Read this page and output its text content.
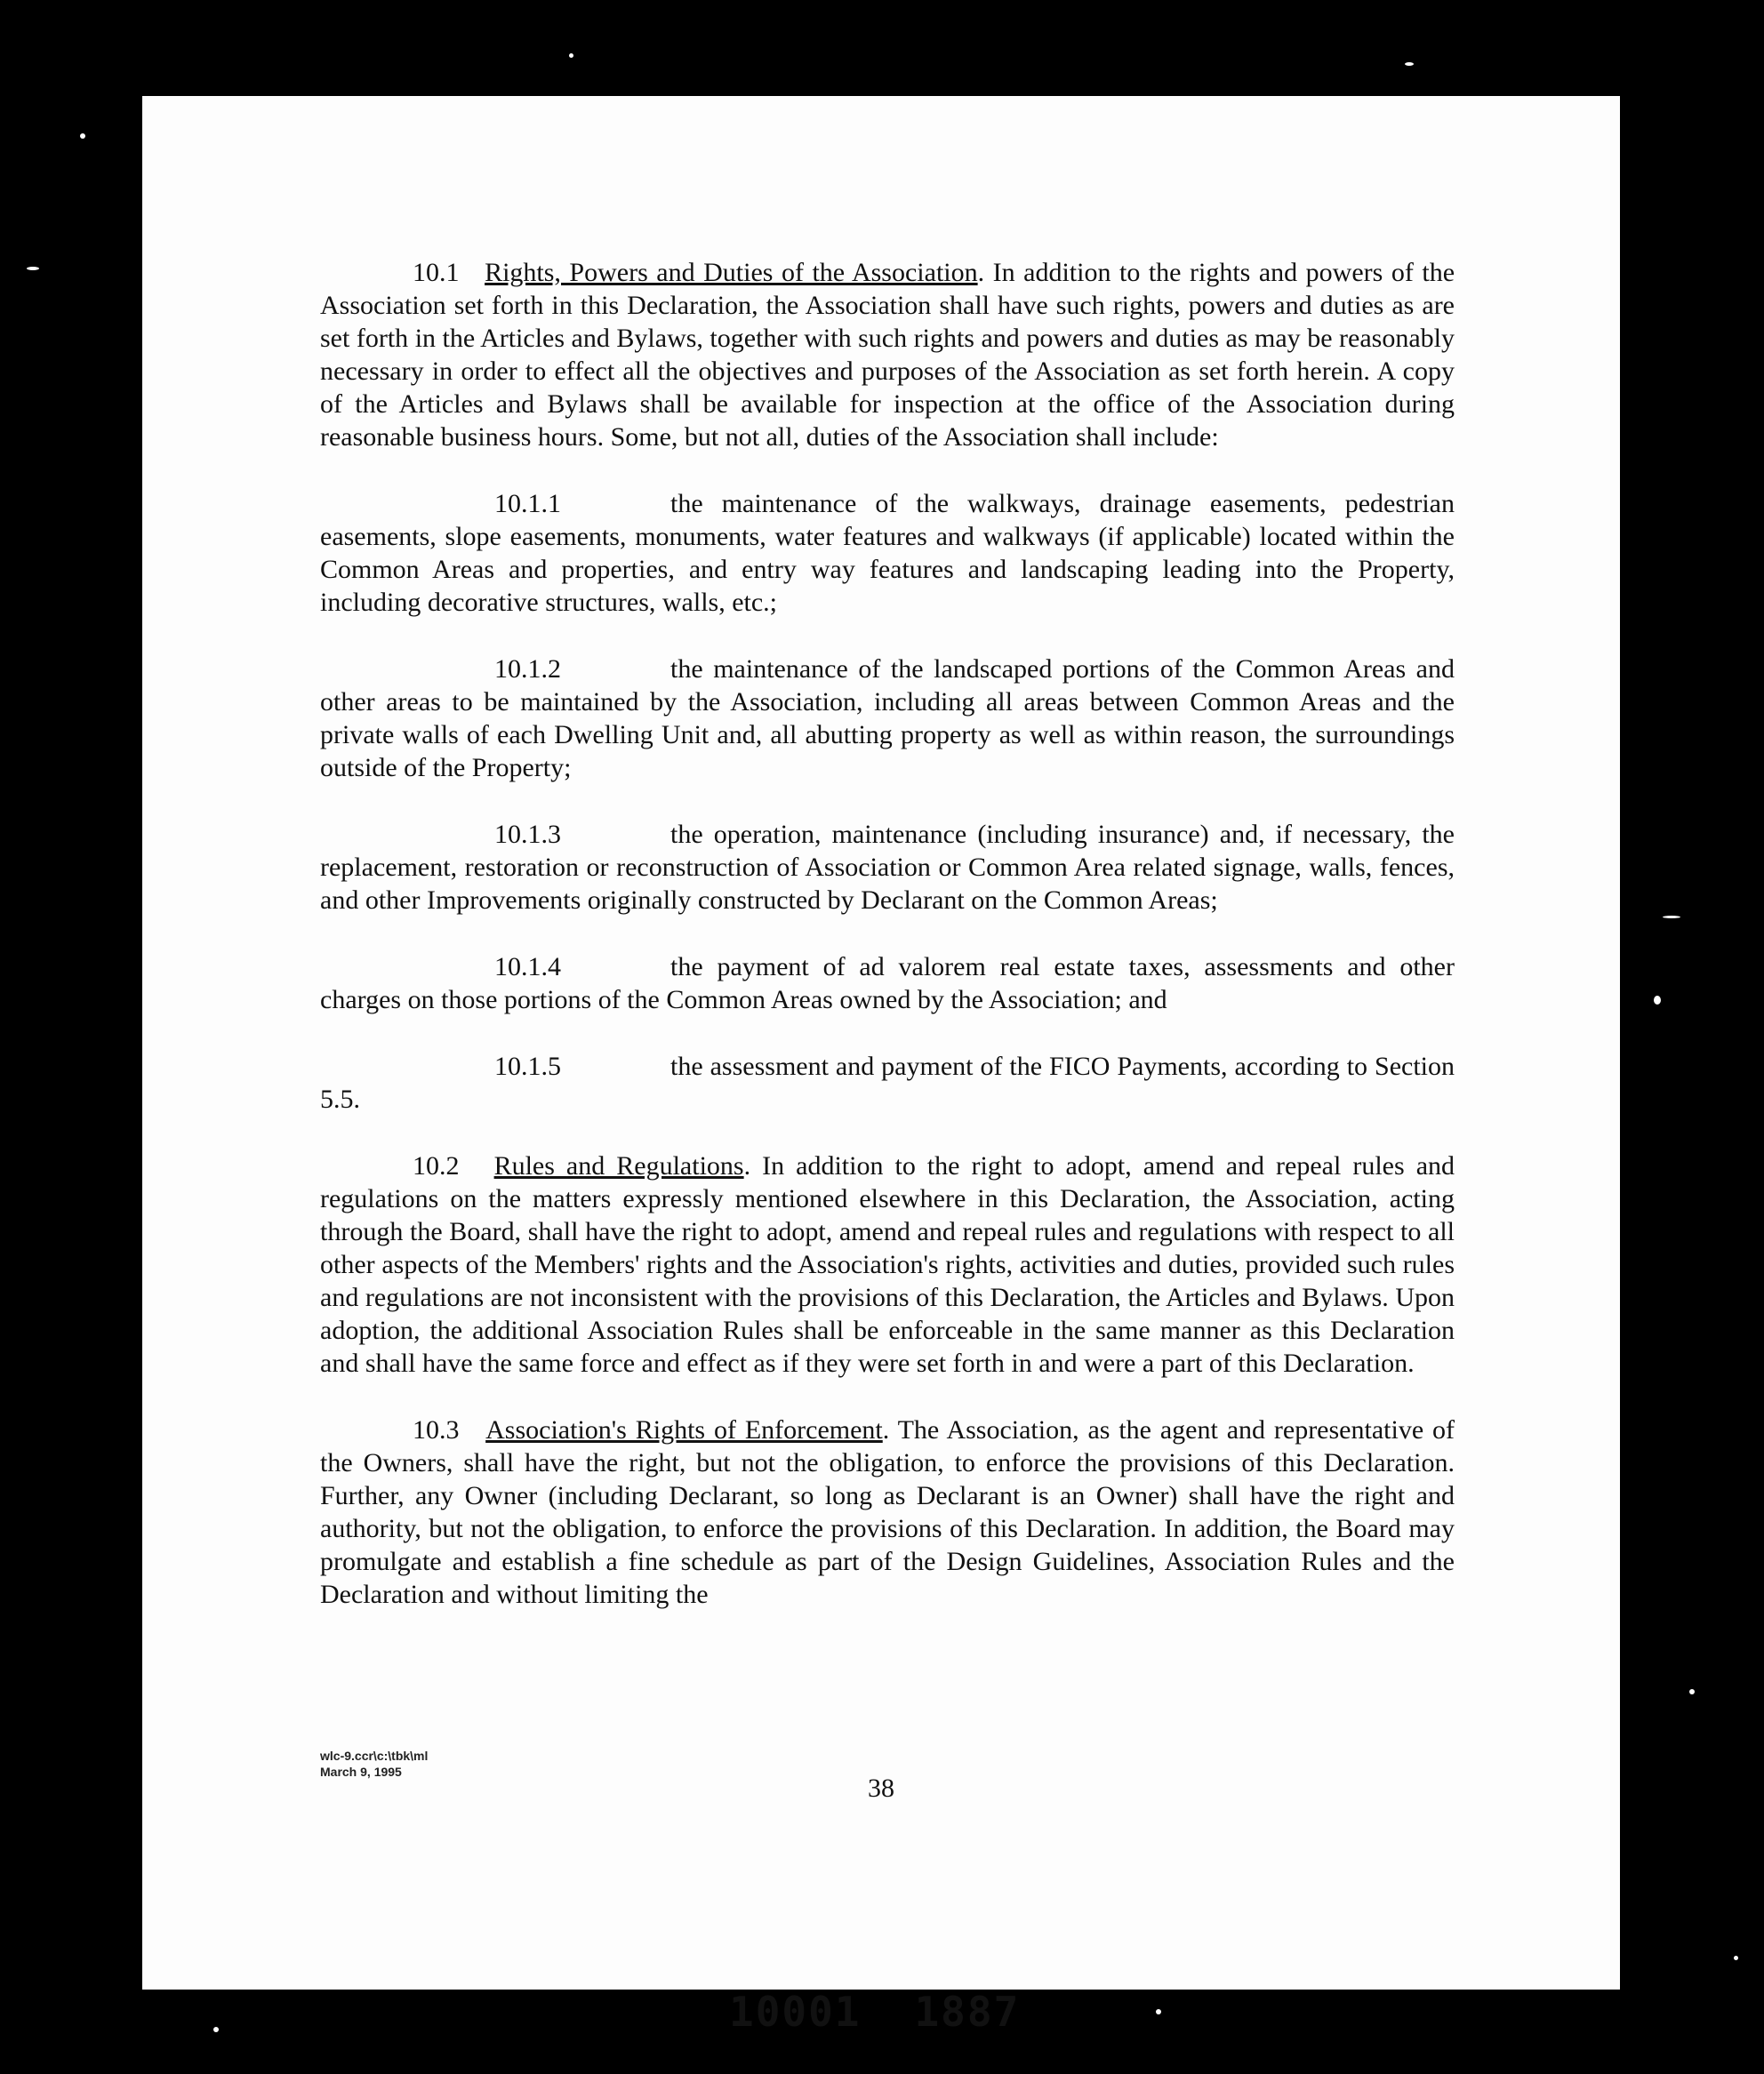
10.1 Rights, Powers and Duties of the Association. In addition to the rights and powers of the Association set forth in this Declaration, the Association shall have such rights, powers and duties as are set forth in the Articles and Bylaws, together with such rights and powers and duties as may be reasonably necessary in order to effect all the objectives and purposes of the Association as set forth herein. A copy of the Articles and Bylaws shall be available for inspection at the office of the Association during reasonable business hours. Some, but not all, duties of the Association shall include:

10.1.1	the maintenance of the walkways, drainage easements, pedestrian easements, slope easements, monuments, water features and walkways (if applicable) located within the Common Areas and properties, and entry way features and landscaping leading into the Property, including decorative structures, walls, etc.;

10.1.2	the maintenance of the landscaped portions of the Common Areas and other areas to be maintained by the Association, including all areas between Common Areas and the private walls of each Dwelling Unit and, all abutting property as well as within reason, the surroundings outside of the Property;

10.1.3	the operation, maintenance (including insurance) and, if necessary, the replacement, restoration or reconstruction of Association or Common Area related signage, walls, fences, and other Improvements originally constructed by Declarant on the Common Areas;

10.1.4	the payment of ad valorem real estate taxes, assessments and other charges on those portions of the Common Areas owned by the Association; and

10.1.5	the assessment and payment of the FICO Payments, according to Section 5.5.

10.2 Rules and Regulations. In addition to the right to adopt, amend and repeal rules and regulations on the matters expressly mentioned elsewhere in this Declaration, the Association, acting through the Board, shall have the right to adopt, amend and repeal rules and regulations with respect to all other aspects of the Members' rights and the Association's rights, activities and duties, provided such rules and regulations are not inconsistent with the provisions of this Declaration, the Articles and Bylaws. Upon adoption, the additional Association Rules shall be enforceable in the same manner as this Declaration and shall have the same force and effect as if they were set forth in and were a part of this Declaration.

10.3 Association's Rights of Enforcement. The Association, as the agent and representative of the Owners, shall have the right, but not the obligation, to enforce the provisions of this Declaration. Further, any Owner (including Declarant, so long as Declarant is an Owner) shall have the right and authority, but not the obligation, to enforce the provisions of this Declaration. In addition, the Board may promulgate and establish a fine schedule as part of the Design Guidelines, Association Rules and the Declaration and without limiting the

wlc-9.ccr\c:\tbk\ml
March 9, 1995
38
10001 1887
